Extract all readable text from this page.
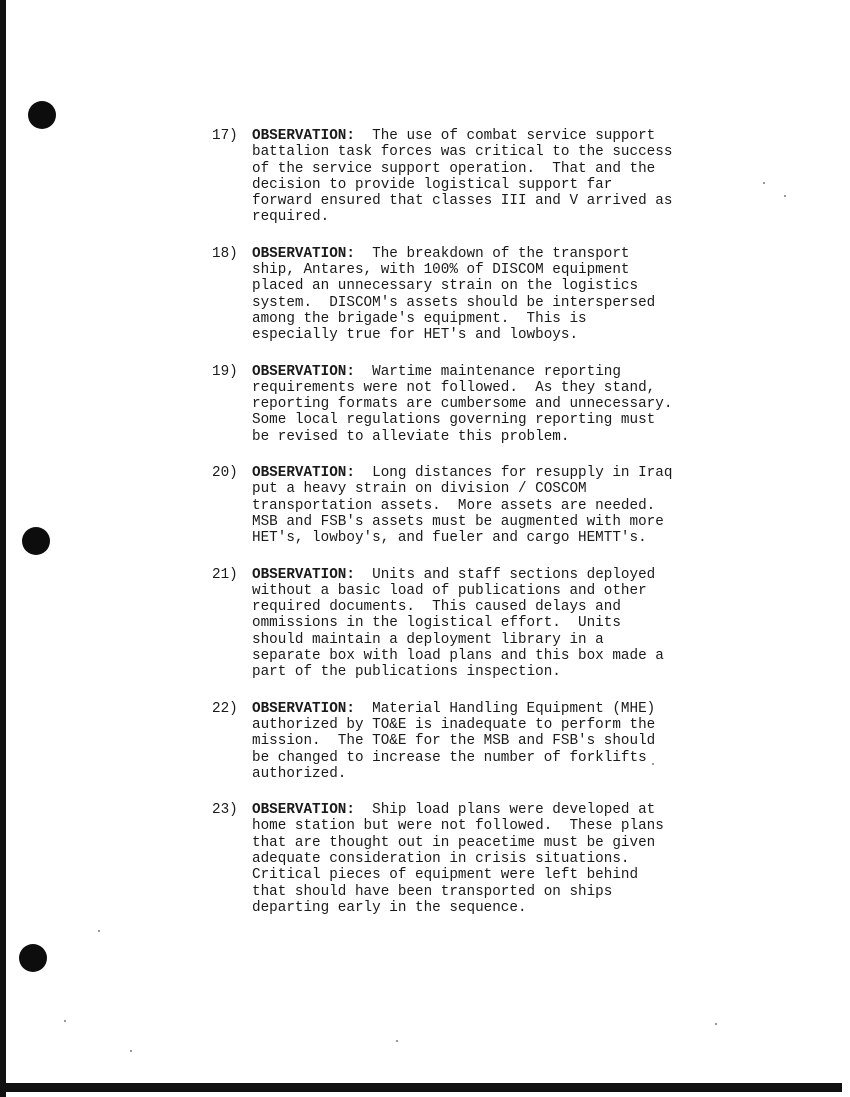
17) OBSERVATION:  The use of combat service support
battalion task forces was critical to the success
of the service support operation.  That and the
decision to provide logistical support far
forward ensured that classes III and V arrived as
required.
18) OBSERVATION:  The breakdown of the transport
ship, Antares, with 100% of DISCOM equipment
placed an unnecessary strain on the logistics
system.  DISCOM's assets should be interspersed
among the brigade's equipment.  This is
especially true for HET's and lowboys.
19) OBSERVATION:  Wartime maintenance reporting
requirements were not followed.  As they stand,
reporting formats are cumbersome and unnecessary.
Some local regulations governing reporting must
be revised to alleviate this problem.
20) OBSERVATION:  Long distances for resupply in Iraq
put a heavy strain on division / COSCOM
transportation assets.  More assets are needed.
MSB and FSB's assets must be augmented with more
HET's, lowboy's, and fueler and cargo HEMTT's.
21) OBSERVATION:  Units and staff sections deployed
without a basic load of publications and other
required documents.  This caused delays and
ommissions in the logistical effort.  Units
should maintain a deployment library in a
separate box with load plans and this box made a
part of the publications inspection.
22) OBSERVATION:  Material Handling Equipment (MHE)
authorized by TO&E is inadequate to perform the
mission.  The TO&E for the MSB and FSB's should
be changed to increase the number of forklifts
authorized.
23) OBSERVATION:  Ship load plans were developed at
home station but were not followed.  These plans
that are thought out in peacetime must be given
adequate consideration in crisis situations.
Critical pieces of equipment were left behind
that should have been transported on ships
departing early in the sequence.
